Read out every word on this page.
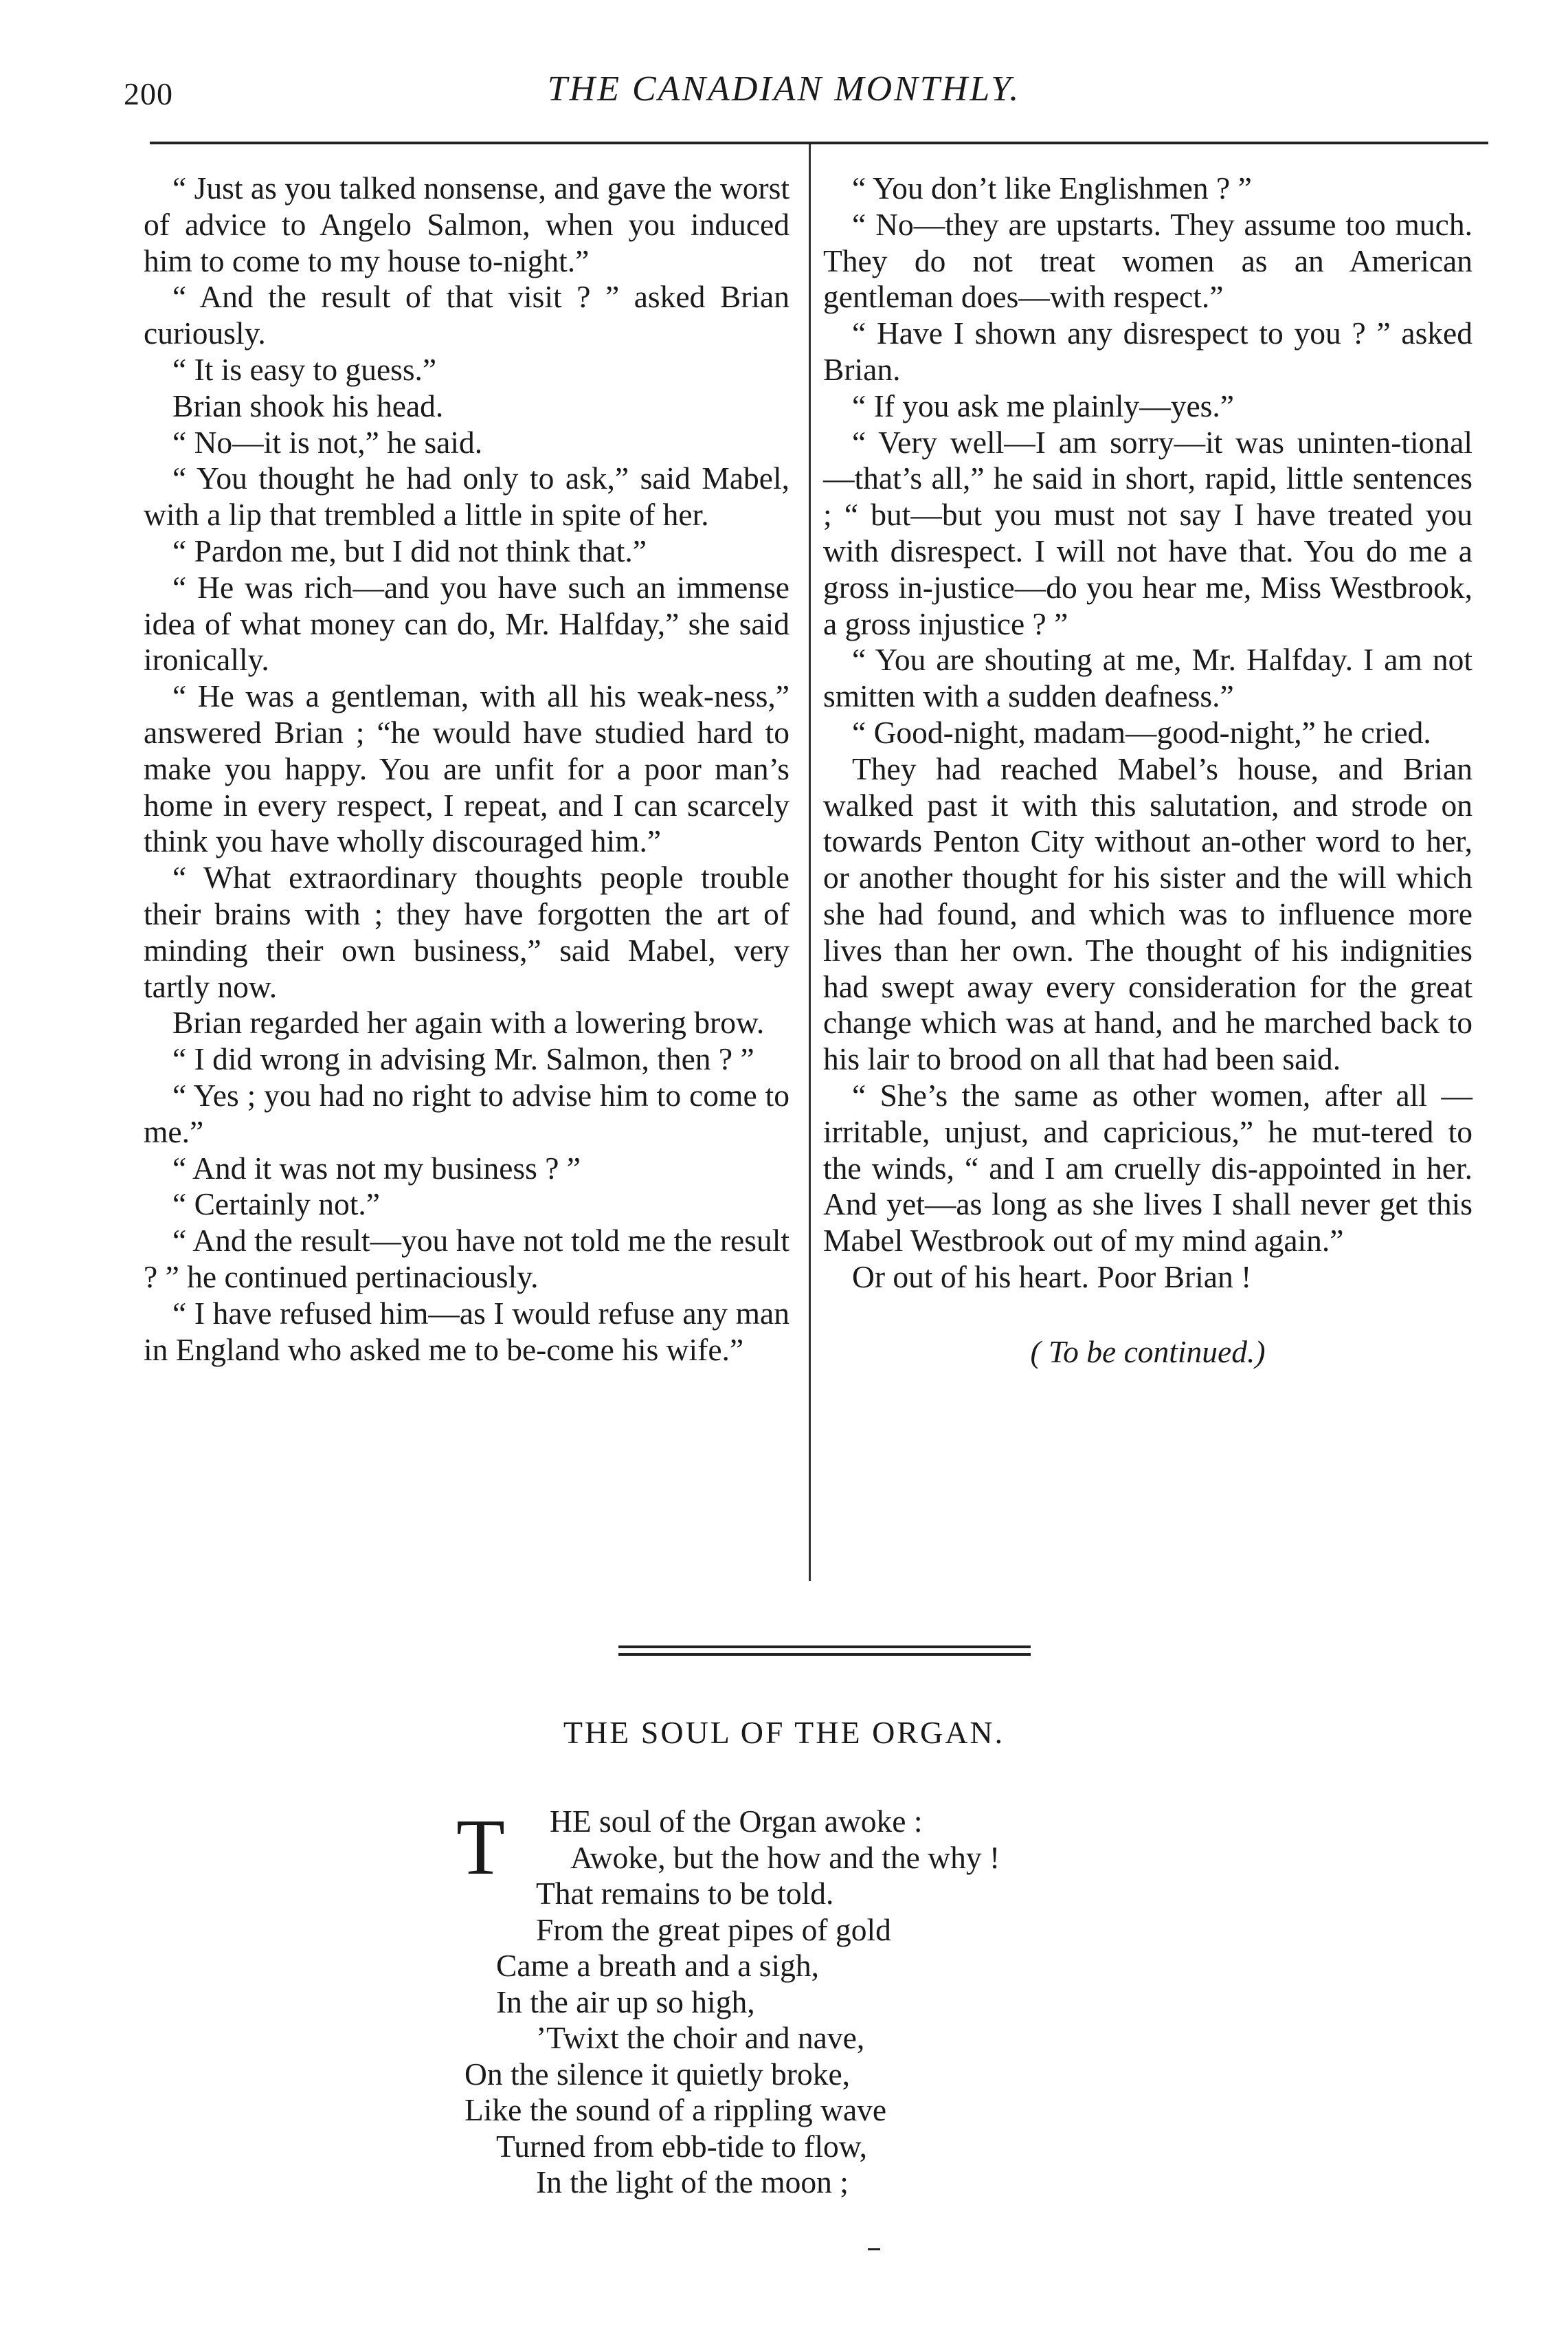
200	THE CANADIAN MONTHLY.

“ Just as you talked nonsense, and gave the worst of advice to Angelo Salmon, when you induced him to come to my house to-night.”

“ And the result of that visit ? ” asked Brian curiously.

“ It is easy to guess.”

Brian shook his head.

“ No—it is not,” he said.

“ You thought he had only to ask,” said Mabel, with a lip that trembled a little in spite of her.

“ Pardon me, but I did not think that.”

“ He was rich—and you have such an immense idea of what money can do, Mr. Halfday,” she said ironically.

“ He was a gentleman, with all his weak-ness,” answered Brian ; “he would have studied hard to make you happy. You are unfit for a poor man’s home in every respect, I repeat, and I can scarcely think you have wholly discouraged him.”

“ What extraordinary thoughts people trouble their brains with ; they have forgotten the art of minding their own business,” said Mabel, very tartly now.

Brian regarded her again with a lowering brow.

“ I did wrong in advising Mr. Salmon, then ? ”

“ Yes ; you had no right to advise him to come to me.”

“ And it was not my business ? ”

“ Certainly not.”

“ And the result—you have not told me the result ? ” he continued pertinaciously.

“ I have refused him—as I would refuse any man in England who asked me to be-come his wife.”

“ You don’t like Englishmen ? ”

“ No—they are upstarts. They assume too much. They do not treat women as an American gentleman does—with respect.”

“ Have I shown any disrespect to you ? ” asked Brian.

“ If you ask me plainly—yes.”

“ Very well—I am sorry—it was uninten-tional—that’s all,” he said in short, rapid, little sentences ; “ but—but you must not say I have treated you with disrespect. I will not have that. You do me a gross in-justice—do you hear me, Miss Westbrook, a gross injustice ? ”

“ You are shouting at me, Mr. Halfday. I am not smitten with a sudden deafness.”

“ Good-night, madam—good-night,” he cried.

They had reached Mabel’s house, and Brian walked past it with this salutation, and strode on towards Penton City without an-other word to her, or another thought for his sister and the will which she had found, and which was to influence more lives than her own. The thought of his indignities had swept away every consideration for the great change which was at hand, and he marched back to his lair to brood on all that had been said.

“ She’s the same as other women, after all —irritable, unjust, and capricious,” he mut-tered to the winds, “ and I am cruelly dis-appointed in her. And yet—as long as she lives I shall never get this Mabel Westbrook out of my mind again.”

Or out of his heart. Poor Brian !

( To be continued.)

THE SOUL OF THE ORGAN.
T	HE soul of the Organ awoke :
Awoke, but the how and the why !
That remains to be told.
From the great pipes of gold
Came a breath and a sigh,
In the air up so high,
’Twixt the choir and nave,
On the silence it quietly broke,
Like the sound of a rippling wave
Turned from ebb-tide to flow,
In the light of the moon ;
